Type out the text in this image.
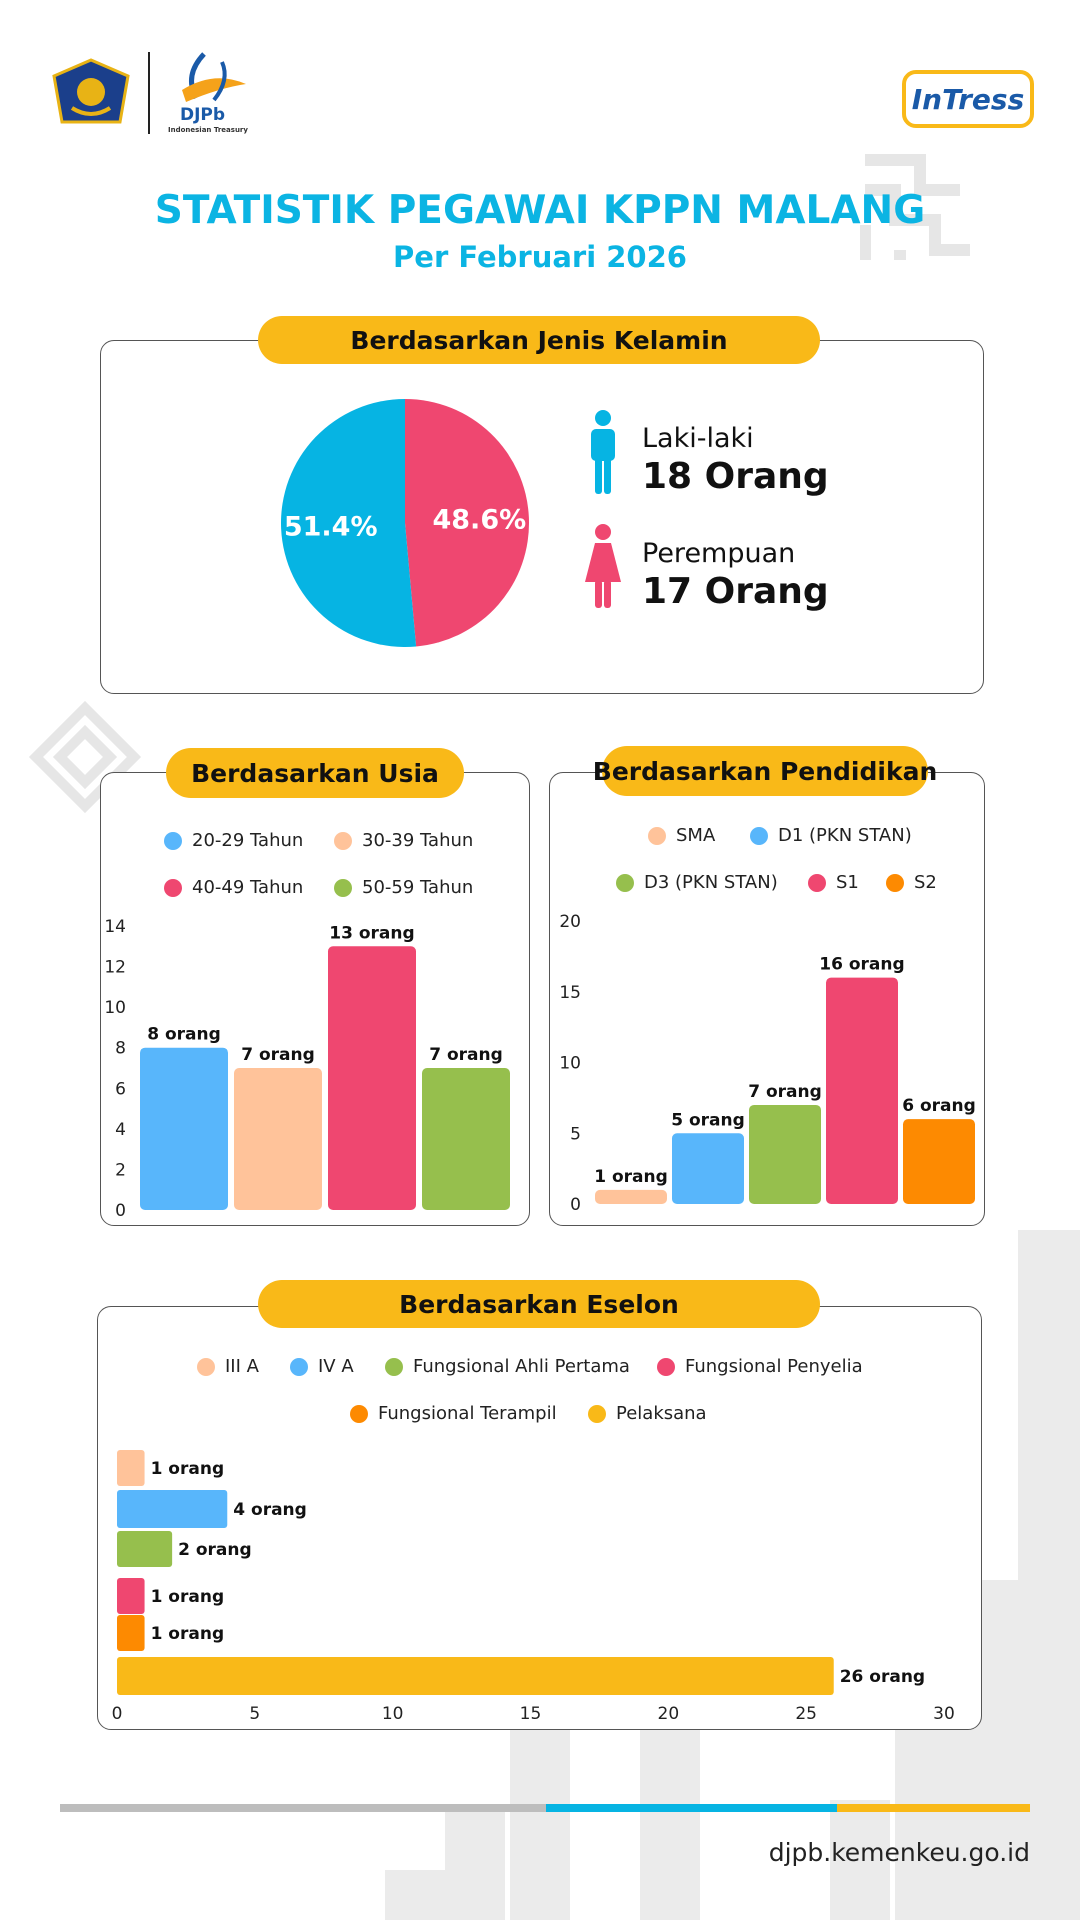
DJPb
Indonesian Treasury
InTress
STATISTIK PEGAWAI KPPN MALANG
Per Februari 2026
Berdasarkan Jenis Kelamin
48.6%
51.4%
Laki-laki
18 Orang
Perempuan
17 Orang
Berdasarkan Usia
20-29 Tahun	30-39 Tahun
40-49 Tahun	50-59 Tahun
0
2
4
6
8
10
12
14
8 orang
7 orang
13 orang
7 orang
Berdasarkan Pendidikan
SMA	D1 (PKN STAN)
D3 (PKN STAN)	S1	S2
0
5
10
15
20
1 orang
5 orang
7 orang
16 orang
6 orang
Berdasarkan Eselon
III A	IV A	Fungsional Ahli Pertama	Fungsional Penyelia
Fungsional Terampil	Pelaksana
0	5	10	15	20	25	30
1 orang
4 orang
2 orang
1 orang
1 orang
26 orang
djpb.kemenkeu.go.id
